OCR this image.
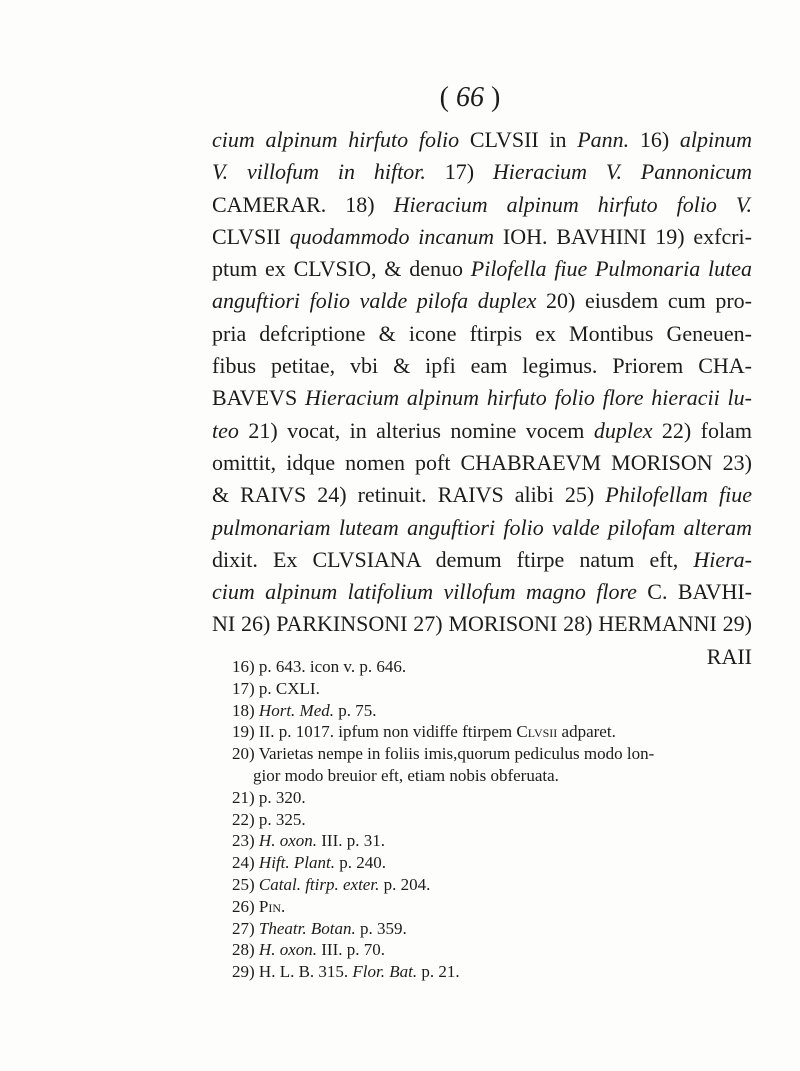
( 66 )
cium alpinum hirfuto folio CLVSII in Pann. 16) alpinum
V. villofum in hiftor. 17) Hieracium V. Pannonicum
CAMERAR. 18) Hieracium alpinum hirfuto folio V.
CLVSII quodammodo incanum IOH. BAVHINI 19) exfcri-
ptum ex CLVSIO, & denuo Pilofella fiue Pulmonaria lutea
anguftiori folio valde pilofa duplex 20) eiusdem cum pro-
pria defcriptione & icone ftirpis ex Montibus Geneuen-
fibus petitae, vbi & ipfi eam legimus. Priorem CHA-
BAVEVS Hieracium alpinum hirfuto folio flore hieracii lu-
teo 21) vocat, in alterius nomine vocem duplex 22) folam
omittit, idque nomen poft CHABRAEVM MORISON 23)
& RAIVS 24) retinuit. RAIVS alibi 25) Philofellam fiue
pulmonariam luteam anguftiori folio valde pilofam alteram
dixit. Ex CLVSIANA demum ftirpe natum eft, Hiera-
cium alpinum latifolium villofum magno flore C. BAVHI-
NI 26) PARKINSONI 27) MORISONI 28) HERMANNI 29)
RAII
16) p. 643. icon v. p. 646.
17) p. CXLI.
18) Hort. Med. p. 75.
19) II. p. 1017. ipfum non vidiffe ftirpem Clvsii adparet.
20) Varietas nempe in foliis imis,quorum pediculus modo lon-
gior modo breuior eft, etiam nobis obferuata.
21) p. 320.
22) p. 325.
23) H. oxon. III. p. 31.
24) Hift. Plant. p. 240.
25) Catal. ftirp. exter. p. 204.
26) Pin.
27) Theatr. Botan. p. 359.
28) H. oxon. III. p. 70.
29) H. L. B. 315. Flor. Bat. p. 21.
